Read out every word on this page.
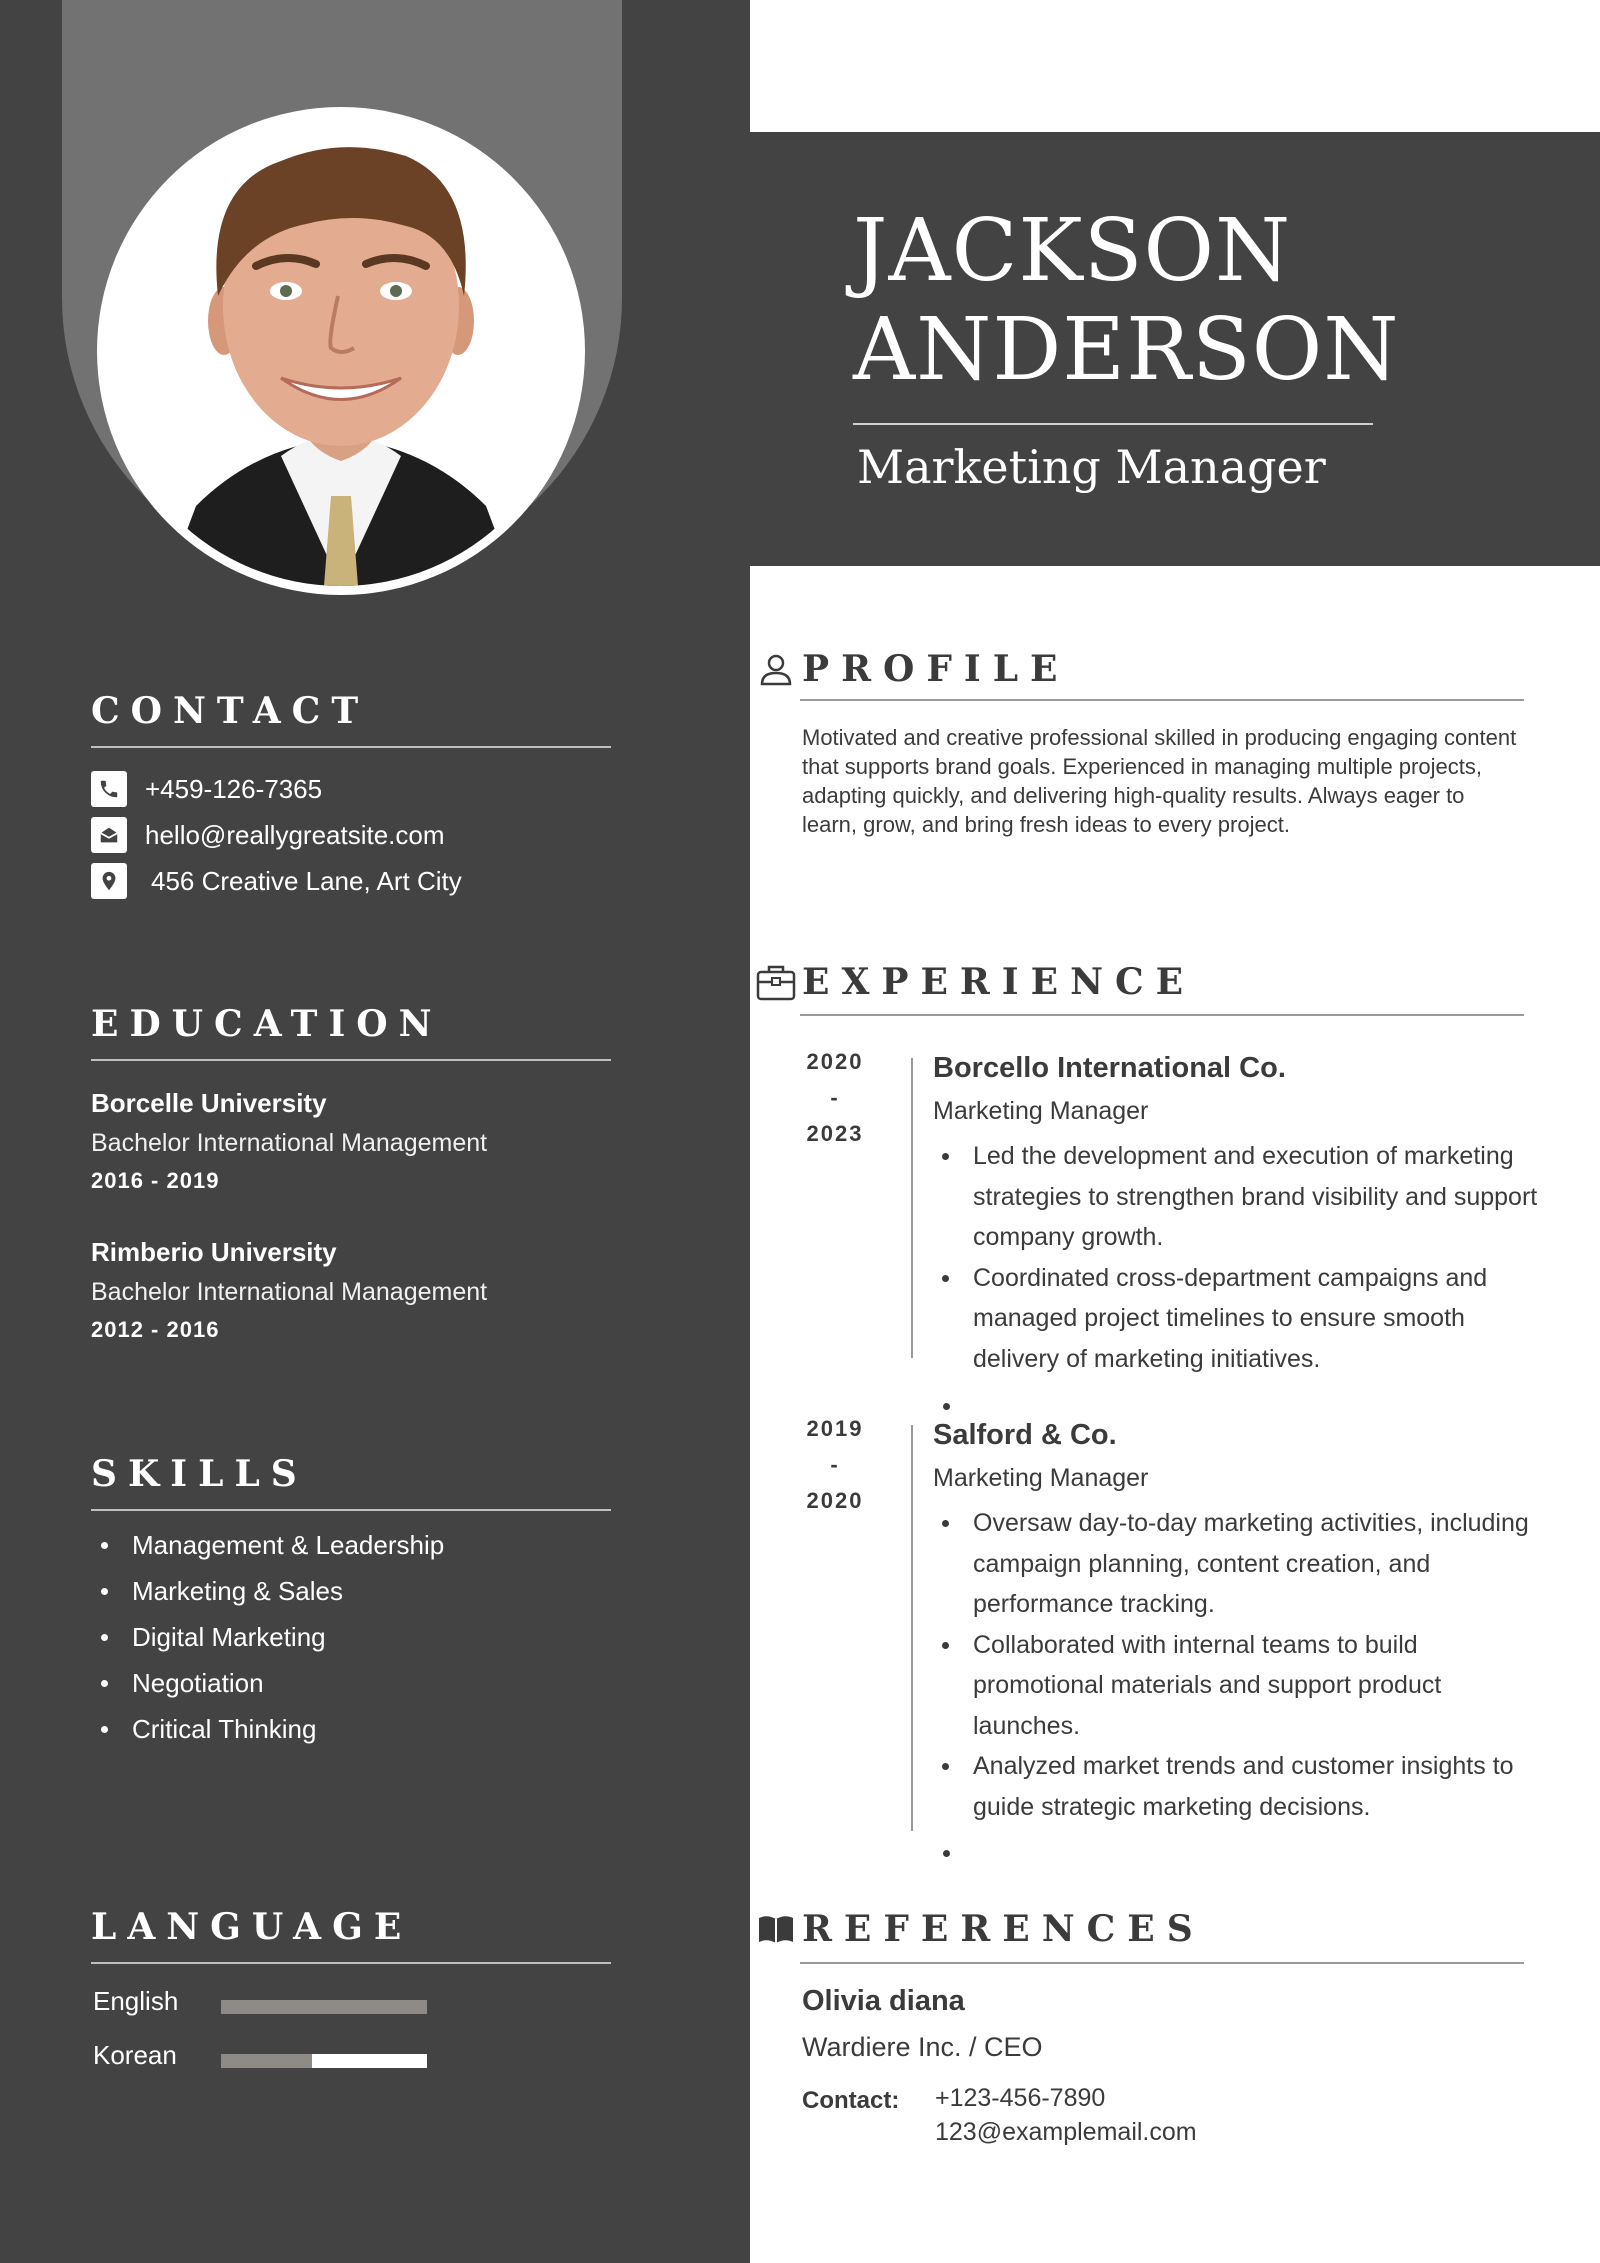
CONTACT
+459-126-7365
hello@reallygreatsite.com
456 Creative Lane, Art City
EDUCATION
Borcelle University
Bachelor International Management
2016 - 2019
Rimberio University
Bachelor International Management
2012 - 2016
SKILLS
Management & Leadership
Marketing & Sales
Digital Marketing
Negotiation
Critical Thinking
LANGUAGE
English
Korean
JACKSON
ANDERSON
Marketing Manager
PROFILE
Motivated and creative professional skilled in producing engaging content that supports brand goals. Experienced in managing multiple projects, adapting quickly, and delivering high-quality results. Always eager to learn, grow, and bring fresh ideas to every project.
EXPERIENCE
2020
-
2023
Borcello International Co.
Marketing Manager
Led the development and execution of marketing strategies to strengthen brand visibility and support company growth.
Coordinated cross-department campaigns and managed project timelines to ensure smooth delivery of marketing initiatives.
2019
-
2020
Salford & Co.
Marketing Manager
Oversaw day-to-day marketing activities, including campaign planning, content creation, and performance tracking.
Collaborated with internal teams to build promotional materials and support product launches.
Analyzed market trends and customer insights to guide strategic marketing decisions.
REFERENCES
Olivia diana
Wardiere Inc. / CEO
Contact: +123-456-7890
123@examplemail.com
